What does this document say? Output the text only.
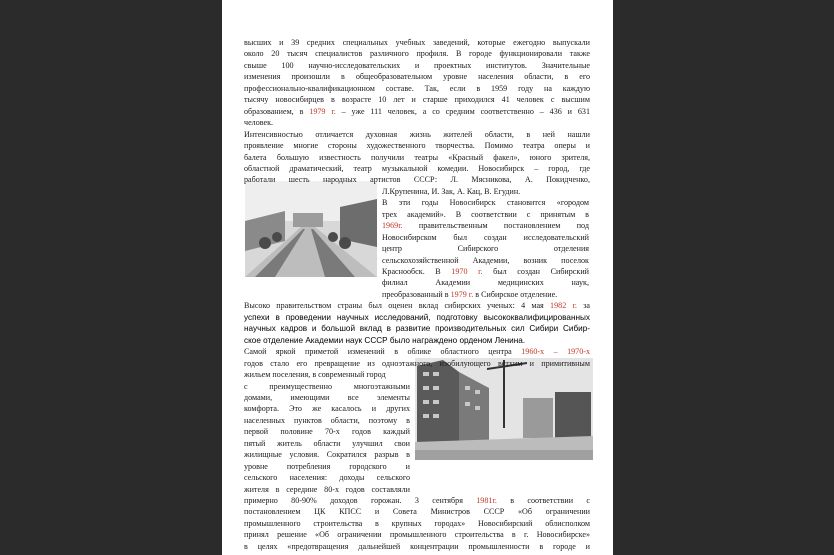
высших и 39 средних специальных учебных заведений, которые ежегодно выпускали
около 20 тысяч специалистов различного профиля. В городе функционировали также
свыше 100 научно-исследовательских и проектных институтов. Значительные
изменения произошли в общеобразовательном уровне населения области, в его
профессионально-квалификационном составе. Так, если в 1959 году на каждую
тысячу новосибирцев в возрасте 10 лет и старше приходился 41 человек с высшим
образованием, в 1979 г. – уже 111 человек, а со средним соответственно – 436 и 631
человек.
Интенсивностью отличается духовная жизнь жителей области, в ней нашли
проявление многие стороны художественного творчества. Помимо театра оперы и
балета большую известность получили театры «Красный факел», юного зрителя,
областной драматический, театр музыкальной комедии. Новосибирск – город, где
работали шесть народных артистов СССР: Л. Мясникова, А. Покидченко,
Л.Крупенина, И. Зак, А. Кац, В. Егудин.
В эти годы Новосибирск становится «городом
трех академий». В соответствии с принятым в
1969г. правительственным постановлением под
Новосибирском был создан исследовательский
центр Сибирского отделения
сельскохозяйственной Академии, возник поселок
Краснообск. В 1970 г. был создан Сибирский
филиал Академии медицинских наук,
преобразованный в 1979 г. в Сибирское отделение.
Высоко правительством страны был оценен вклад сибирских ученых: 4 мая 1982 г. за
успехи в проведении научных исследований, подготовку высококвалифицированных
научных кадров и большой вклад в развитие производительных сил Сибири Сибир-
ское отделение Академии наук СССР было награждено орденом Ленина.
Самой яркой приметой изменений в облике областного центра 1960-х – 1970-х
годов стало его превращение из одноэтажного, изобилующего ветхим и примитивным
жильем поселения, в современный город
с преимущественно многоэтажными
домами, имеющими все элементы
комфорта. Это же касалось и других
населенных пунктов области, поэтому в
первой половине 70-х годов каждый
пятый житель области улучшил свои
жилищные условия. Сократился разрыв в
уровне потребления городского и
сельского населения: доходы сельского
жителя в середине 80-х годов составляли
примерно 80-90% доходов горожан. 3 сентября 1981г. в соответствии с
постановлением ЦК КПСС и Совета Министров СССР «Об ограничении
промышленного строительства в крупных городах» Новосибирский облисполком
принял решение «Об ограничении промышленного строительства в г. Новосибирске»
в целях «предотвращения дальнейшей концентрации промышленности в городе и
